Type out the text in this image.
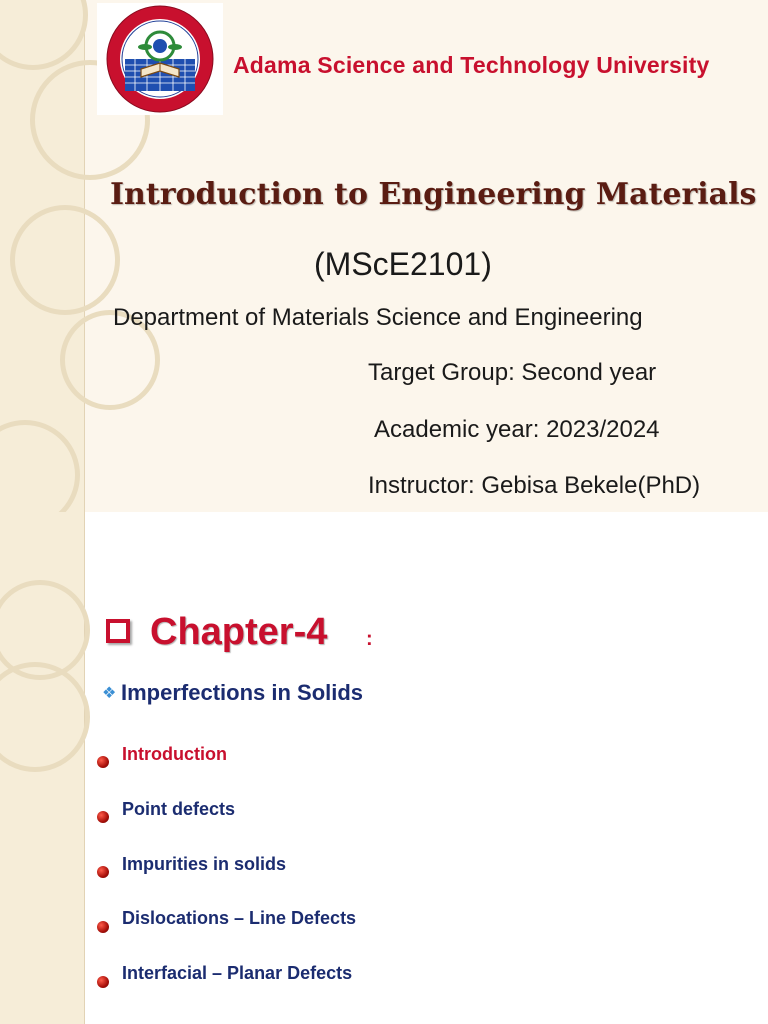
Adama Science and Technology University
Introduction to Engineering Materials
(MScE2101)
Department of Materials Science and Engineering
Target Group: Second year
Academic year: 2023/2024
Instructor: Gebisa Bekele(PhD)
Chapter-4 :
❖ Imperfections in Solids
Introduction
Point defects
Impurities in solids
Dislocations – Line Defects
Interfacial – Planar Defects
